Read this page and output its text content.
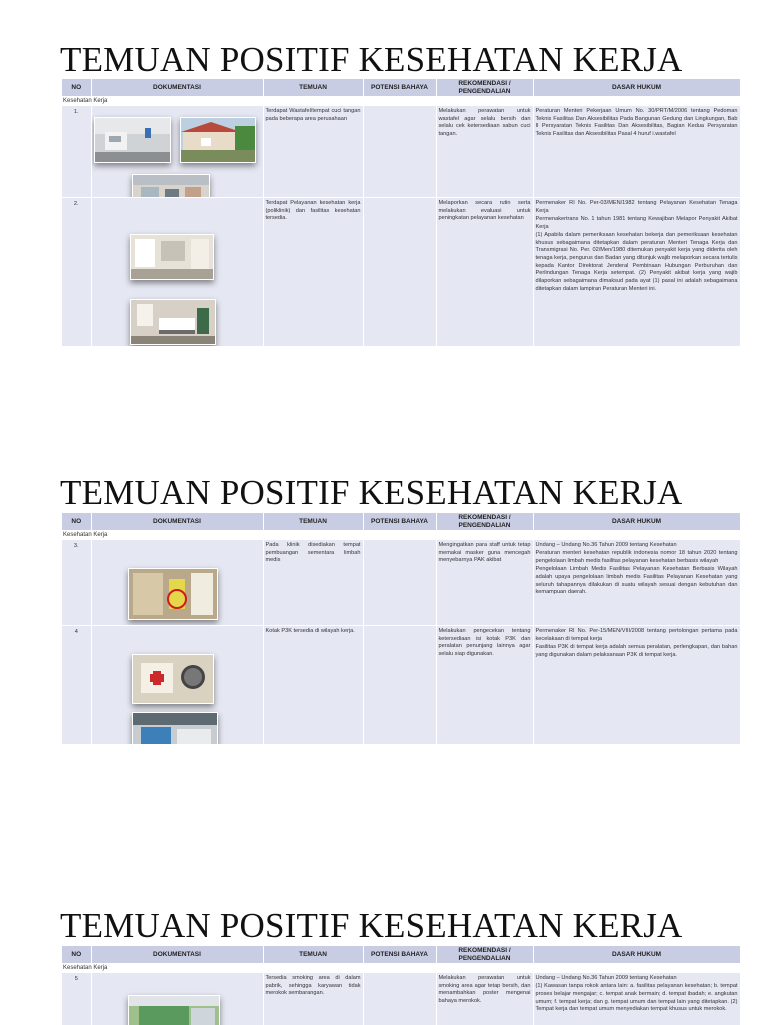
TEMUAN POSITIF KESEHATAN KERJA
NO	DOKUMENTASI	TEMUAN	POTENSI BAHAYA	REKOMENDASI / PENGENDALIAN	DASAR HUKUM
Kesehatan Kerja					
1.		Terdapat Wastafel/tempat cuci tangan pada beberapa area perusahaan		Melakukan perawatan untuk wastafel agar selalu bersih dan selalu cek ketersediaan sabun cuci tangan.	Peraturan Menteri Pekerjaan Umum No. 30/PRT/M/2006 tentang Pedoman Teknis Fasilitas Dan Aksesibilitas Pada Bangunan Gedung dan Lingkungan, Bab II Persyaratan Teknis Fasilitas Dan Aksesibilitas, Bagian Kedua Persyaratan Teknis Fasilitas dan Aksesibilitas Pasal 4 huruf i.wastafel

2.		Terdapat Pelayanan kesehatan kerja (poliklinik) dan fasilitas kesehatan tersedia.		Melaporkan secara rutin serta melakukan evaluasi untuk peningkatan pelayanan kesehatan	Permenaker RI No. Per-03/MEN/1982 tentang Pelayanan Kesehatan Tenaga Kerja
Permenakertrans No. 1 tahun 1981 tentang Kewajiban Melapor Penyakit Akibat Kerja
(1) Apabila dalam pemeriksaan kesehatan bekerja dan pemeriksaan kesehatan khusus sebagaimana ditetapkan dalam peraturan Menteri Tenaga Kerja dan Transmigrasi No. Per. 02/Men/1980 ditemukan penyakit kerja yang diderita oleh tenaga kerja, pengurus dan Badan yang ditunjuk wajib melaporkan secara tertulis kepada Kantor Direktorat Jenderal Pembinaan Hubungan Perburuhan dan Perlindungan Tenaga Kerja setempat. (2) Penyakit akibat kerja yang wajib dilaporkan sebagaimana dimaksud pada ayat (1) pasal ini adalah sebagaimana ditetapkan dalam lampiran Peraturan Menteri ini.
TEMUAN POSITIF KESEHATAN KERJA
NO	DOKUMENTASI	TEMUAN	POTENSI BAHAYA	REKOMENDASI / PENGENDALIAN	DASAR HUKUM
Kesehatan Kerja					
3.		Pada klinik disediakan tempat pembuangan sementara limbah medis		Mengingatkan para staff untuk tetap memakai masker guna mencegah menyebarnya PAK akibat	Undang – Undang No.36 Tahun 2009 tentang Kesehatan
Peraturan menteri kesehatan republik indonesia nomor 18 tahun 2020 tentang pengelolaan limbah medis fasilitas pelayanan kesehatan berbasis wilayah
Pengelolaan Limbah Medis Fasilitas Pelayanan Kesehatan Berbasis Wilayah adalah upaya pengelolaan limbah medis Fasilitas Pelayanan Kesehatan yang seluruh tahapannya dilakukan di suatu wilayah sesuai dengan kebutuhan dan kemampuan daerah.

4		Kotak P3K tersedia di wilayah kerja.		Melakukan pengecekan tentang ketersediaan isi kotak P3K dan peralatan penunjang lainnya agar selalu siap digunakan.	Permenaker RI No. Per-15/MEN/VIII/2008 tentang pertolongan pertama pada kecelakaan di tempat kerja
Fasilitas P3K di tempat kerja adalah semua peralatan, perlengkapan, dan bahan yang digunakan dalam pelaksanaan P3K di tempat kerja.
TEMUAN POSITIF KESEHATAN KERJA
NO	DOKUMENTASI	TEMUAN	POTENSI BAHAYA	REKOMENDASI / PENGENDALIAN	DASAR HUKUM
Kesehatan Kerja					
5		Tersedia smoking area di dalam pabrik, sehingga karyawan tidak merokok sembarangan.		Melakukan perawatan untuk smoking area agar tetap bersih, dan menambahkan poster mengenai bahaya merokok.	Undang – Undang No.36 Tahun 2009 tentang Kesehatan
(1) Kawasan tanpa rokok antara lain: a. fasilitas pelayanan kesehatan; b. tempat proses belajar mengajar; c. tempat anak bermain; d. tempat ibadah; e. angkutan umum; f. tempat kerja; dan g. tempat umum dan tempat lain yang ditetapkan. (2) Tempat kerja dan tempat umum menyediakan tempat khusus untuk merokok.
